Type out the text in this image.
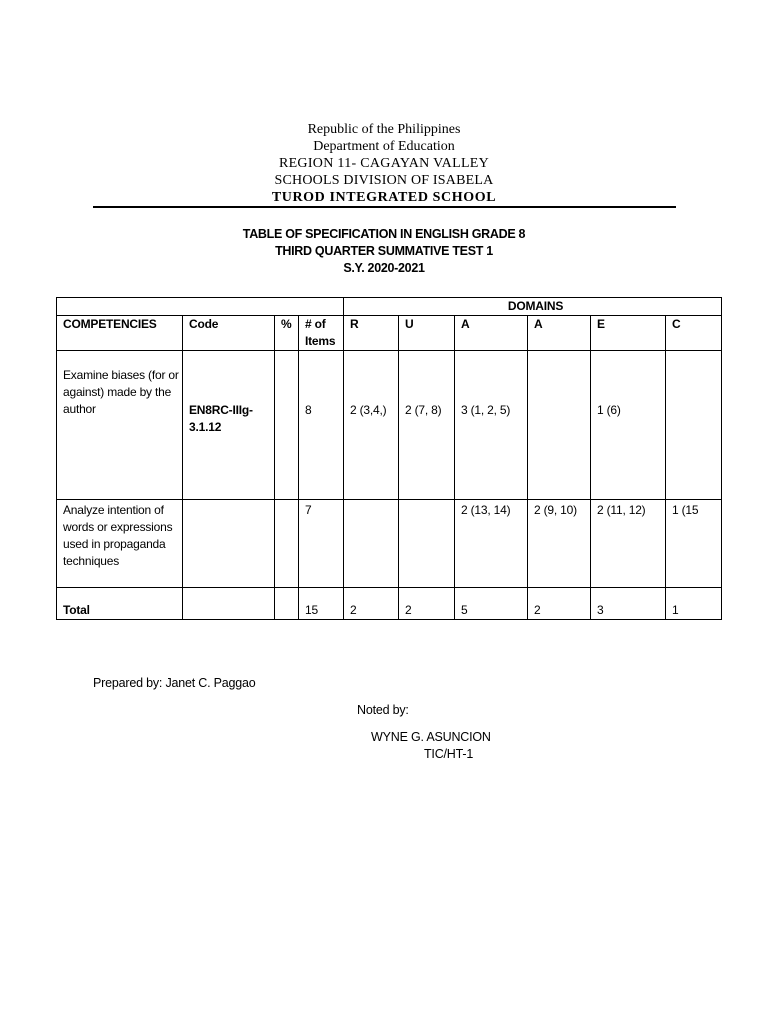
Republic of the Philippines
Department of Education
REGION 11- CAGAYAN VALLEY
SCHOOLS DIVISION OF ISABELA
TUROD INTEGRATED SCHOOL
TABLE OF SPECIFICATION IN ENGLISH GRADE 8
THIRD QUARTER SUMMATIVE TEST 1
S.Y. 2020-2021
				DOMAINS					
COMPETENCIES	Code	%	# of Items	R	U	A	A	E	C
Examine biases (for or against) made by the author	EN8RC-IIIg-3.1.12		8	2 (3,4,)	2 (7, 8)	3 (1, 2, 5)		1 (6)	
Analyze intention of words or expressions used in propaganda techniques			7			2 (13, 14)	2 (9, 10)	2 (11, 12)	1 (15
Total			15	2	2	5	2	3	1
Prepared by: Janet C. Paggao
Noted by:
WYNE G. ASUNCION
TIC/HT-1
